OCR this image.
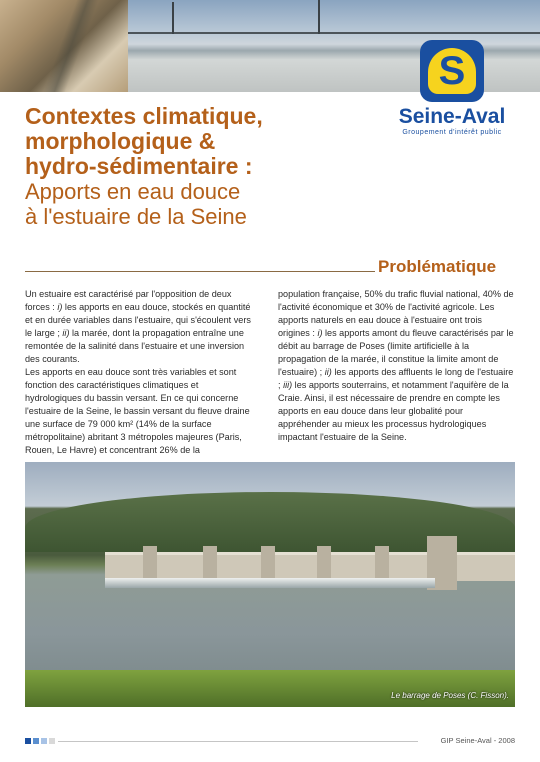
S
Seine-Aval
Groupement d'intérêt public
Contextes climatique,
morphologique &
hydro-sédimentaire :
Apports en eau douce
à l'estuaire de la Seine
Problématique

Un estuaire est caractérisé par l'opposition de deux forces : i) les apports en eau douce, stockés en quantité et en durée variables dans l'estuaire, qui s'écoulent vers le large ; ii) la marée, dont la propagation entraîne une remontée de la salinité dans l'estuaire et une inversion des courants.

Les apports en eau douce sont très variables et sont fonction des caractéristiques climatiques et hydrologiques du bassin versant. En ce qui concerne l'estuaire de la Seine, le bassin versant du fleuve draine une surface de 79 000 km² (14% de la surface métropolitaine) abritant 3 métropoles majeures (Paris, Rouen, Le Havre) et concentrant 26% de la

population française, 50% du trafic fluvial national, 40% de l'activité économique et 30% de l'activité agricole. Les apports naturels en eau douce à l'estuaire ont trois origines : i) les apports amont du fleuve caractérisés par le débit au barrage de Poses (limite artificielle à la propagation de la marée, il constitue la limite amont de l'estuaire) ; ii) les apports des affluents le long de l'estuaire ; iii) les apports souterrains, et notamment l'aquifère de la Craie. Ainsi, il est nécessaire de prendre en compte les apports en eau douce dans leur globalité pour appréhender au mieux les processus hydrologiques impactant l'estuaire de la Seine.

Le barrage de Poses (C. Fisson).
GIP Seine-Aval - 2008
